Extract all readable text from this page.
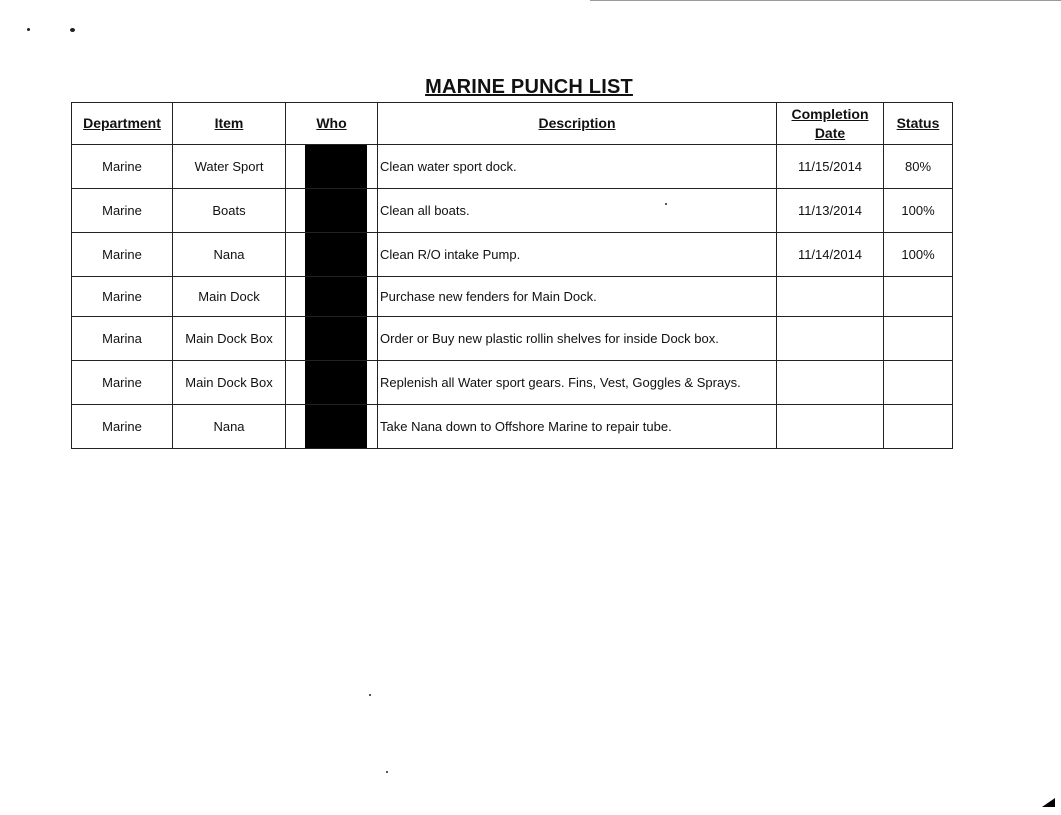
MARINE PUNCH LIST
Department	Item	Who	Description	Completion Date	Status
Marine	Water Sport		Clean water sport dock.	11/15/2014	80%
Marine	Boats		Clean all boats.	11/13/2014	100%
Marine	Nana		Clean R/O intake Pump.	11/14/2014	100%
Marine	Main Dock		Purchase new fenders for Main Dock.		
Marina	Main Dock Box		Order or Buy new plastic rollin shelves for inside Dock box.		
Marine	Main Dock Box		Replenish all Water sport gears. Fins, Vest, Goggles & Sprays.		
Marine	Nana		Take Nana down to Offshore Marine to repair tube.		
